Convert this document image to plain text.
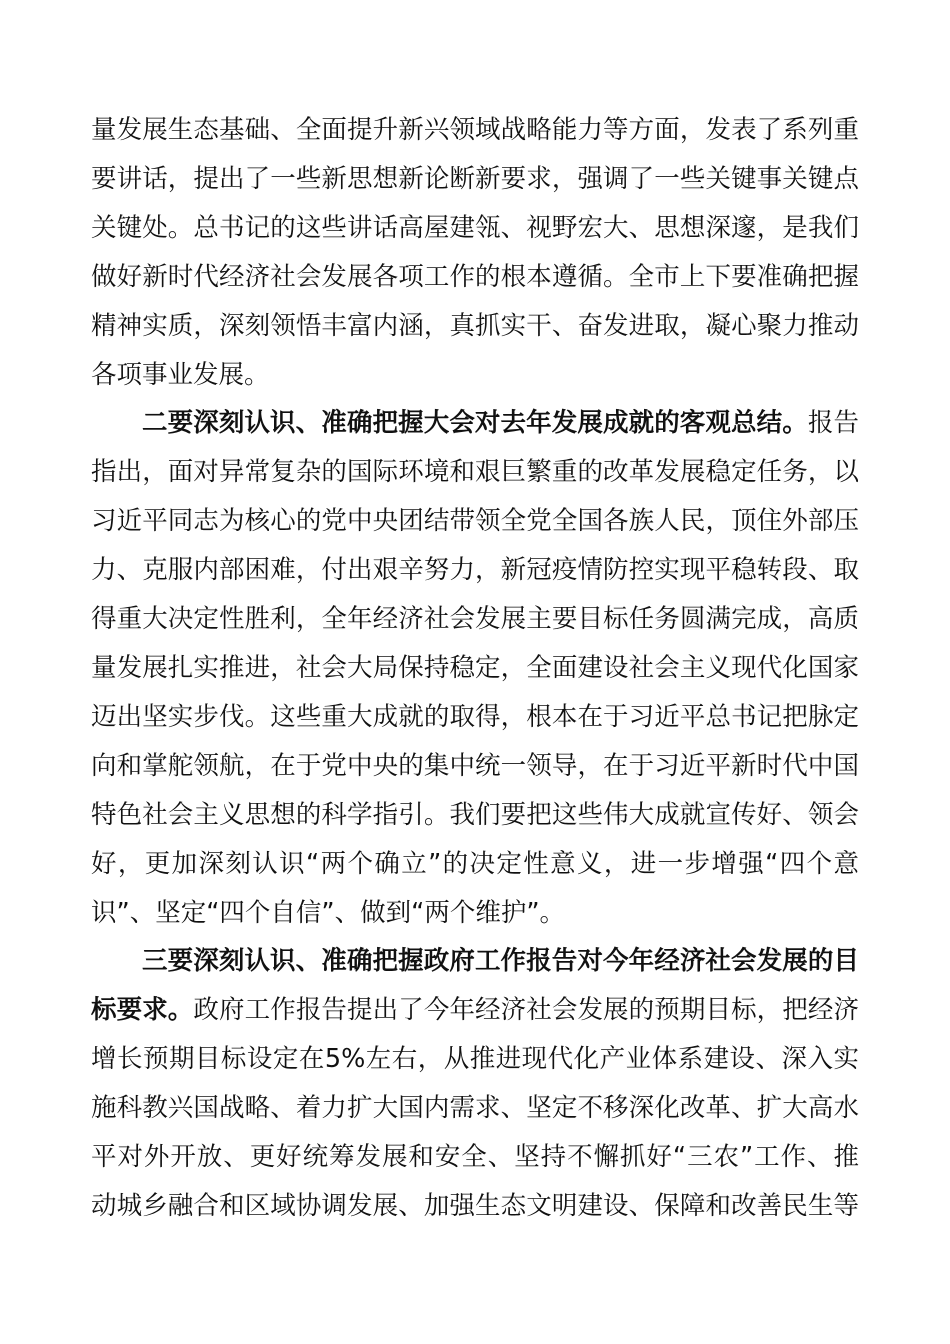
量发展生态基础、全面提升新兴领域战略能力等方面，发表了系列重
要讲话，提出了一些新思想新论断新要求，强调了一些关键事关键点
关键处。总书记的这些讲话高屋建瓴、视野宏大、思想深邃，是我们
做好新时代经济社会发展各项工作的根本遵循。全市上下要准确把握
精神实质，深刻领悟丰富内涵，真抓实干、奋发进取，凝心聚力推动
各项事业发展。
二要深刻认识、准确把握大会对去年发展成就的客观总结。报告
指出，面对异常复杂的国际环境和艰巨繁重的改革发展稳定任务，以
习近平同志为核心的党中央团结带领全党全国各族人民，顶住外部压
力、克服内部困难，付出艰辛努力，新冠疫情防控实现平稳转段、取
得重大决定性胜利，全年经济社会发展主要目标任务圆满完成，高质
量发展扎实推进，社会大局保持稳定，全面建设社会主义现代化国家
迈出坚实步伐。这些重大成就的取得，根本在于习近平总书记把脉定
向和掌舵领航，在于党中央的集中统一领导，在于习近平新时代中国
特色社会主义思想的科学指引。我们要把这些伟大成就宣传好、领会
好，更加深刻认识“两个确立”的决定性意义，进一步增强“四个意
识”、坚定“四个自信”、做到“两个维护”。
三要深刻认识、准确把握政府工作报告对今年经济社会发展的目
标要求。政府工作报告提出了今年经济社会发展的预期目标，把经济
增长预期目标设定在5%左右，从推进现代化产业体系建设、深入实
施科教兴国战略、着力扩大国内需求、坚定不移深化改革、扩大高水
平对外开放、更好统筹发展和安全、坚持不懈抓好“三农”工作、推
动城乡融合和区域协调发展、加强生态文明建设、保障和改善民生等
